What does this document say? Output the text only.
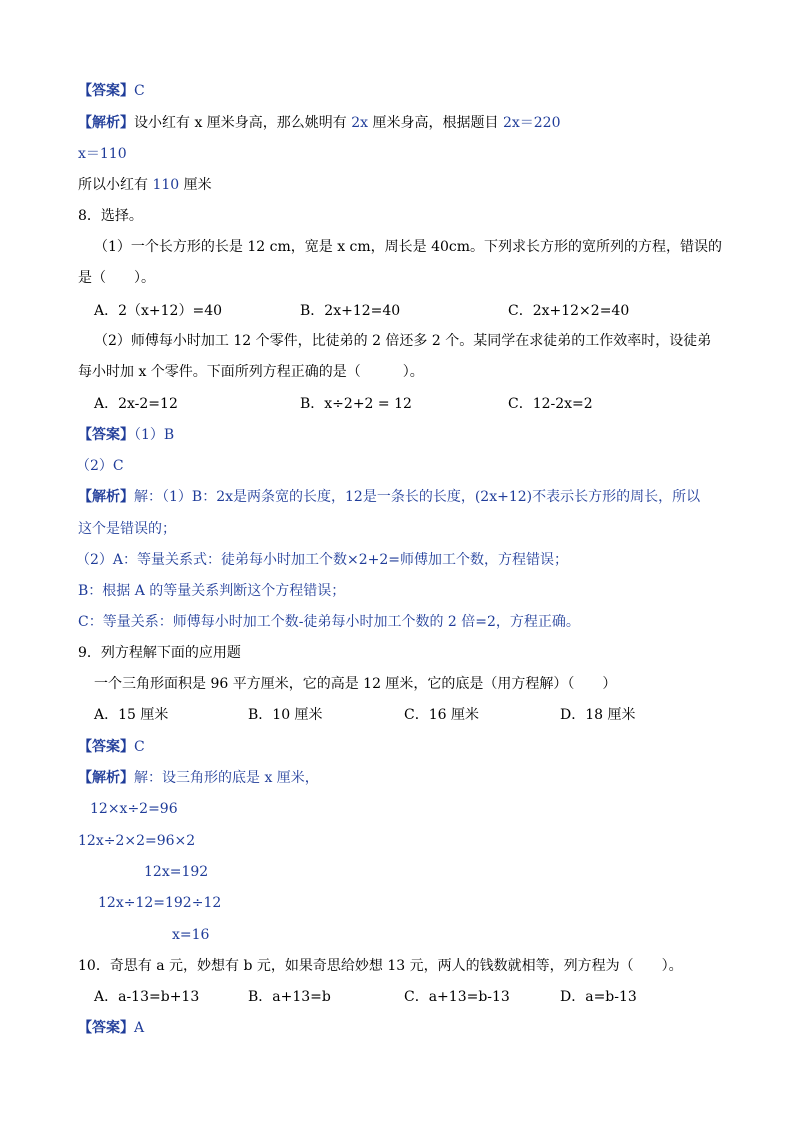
【答案】C
【解析】设小红有 x 厘米身高，那么姚明有 2x 厘米身高，根据题目 2x＝220
x＝110
所以小红有 110 厘米
8．选择。
（1）一个长方形的长是 12 cm，宽是 x cm，周长是 40cm。下列求长方形的宽所列的方程，错误的
是（　　）。
A．2（x+12）=40	B．2x+12=40	C．2x+12×2=40
（2）师傅每小时加工 12 个零件，比徒弟的 2 倍还多 2 个。某同学在求徒弟的工作效率时，设徒弟
每小时加 x 个零件。下面所列方程正确的是（　　　）。
A．2x-2=12	B．x÷2+2 = 12	C．12-2x=2
【答案】（1）B
（2）C
【解析】解：（1）B：2x是两条宽的长度，12是一条长的长度，(2x+12)不表示长方形的周长，所以
这个是错误的；
（2）A：等量关系式：徒弟每小时加工个数×2+2=师傅加工个数，方程错误；
B：根据 A 的等量关系判断这个方程错误；
C：等量关系：师傅每小时加工个数-徒弟每小时加工个数的 2 倍=2，方程正确。
9．列方程解下面的应用题
一个三角形面积是 96 平方厘米，它的高是 12 厘米，它的底是（用方程解）（　　）
A．15 厘米	B．10 厘米	C．16 厘米	D．18 厘米
【答案】C
【解析】解：设三角形的底是 x 厘米，
12×x÷2=96
12x÷2×2=96×2
12x=192
12x÷12=192÷12
x=16
10．奇思有 a 元，妙想有 b 元，如果奇思给妙想 13 元，两人的钱数就相等，列方程为（　　）。
A．a-13=b+13	B．a+13=b	C．a+13=b-13	D．a=b-13
【答案】A
